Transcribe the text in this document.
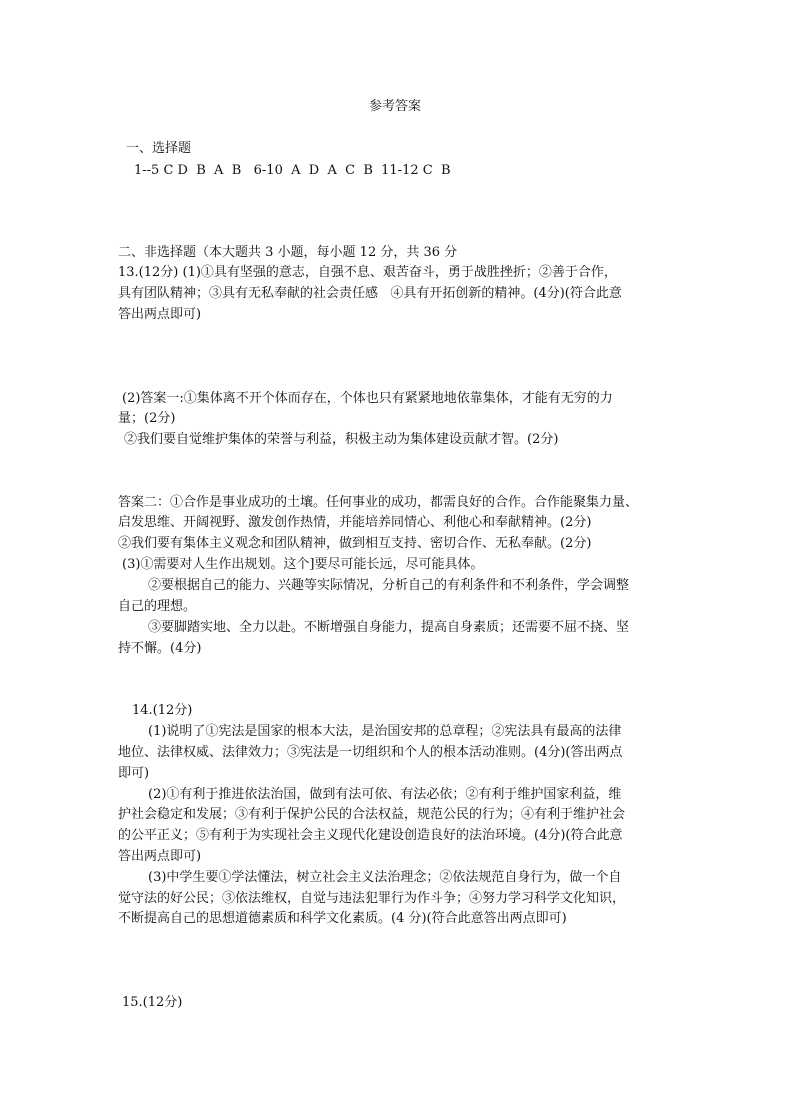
参考答案
一、选择题
1--5 C D  B  A  B   6-10  A  D  A  C  B  11-12 C  B
二、非选择题（本大题共 3 小题，每小题 12 分，共 36 分
13.(12分) (1)①具有坚强的意志，自强不息、艰苦奋斗，勇于战胜挫折；②善于合作，
具有团队精神；③具有无私奉献的社会责任感   ④具有开拓创新的精神。(4分)(符合此意
答出两点即可)
(2)答案一:①集体离不开个体而存在，个体也只有紧紧地地依靠集体，才能有无穷的力
量；(2分)
②我们要自觉维护集体的荣誉与利益，积极主动为集体建设贡献才智。(2分)
答案二：①合作是事业成功的土壤。任何事业的成功，都需良好的合作。合作能聚集力量、
启发思维、开阔视野、激发创作热情，并能培养同情心、利他心和奉献精神。(2分)
②我们要有集体主义观念和团队精神，做到相互支持、密切合作、无私奉献。(2分)
(3)①需要对人生作出规划。这个]要尽可能长远，尽可能具体。
②要根据自己的能力、兴趣等实际情况，分析自己的有利条件和不利条件，学会调整
自己的理想。
③要脚踏实地、全力以赴。不断增强自身能力，提高自身素质；还需要不屈不挠、坚
持不懈。(4分)
14.(12分)
(1)说明了①宪法是国家的根本大法，是治国安邦的总章程；②宪法具有最高的法律
地位、法律权威、法律效力；③宪法是一切组织和个人的根本活动准则。(4分)(答出两点
即可)
(2)①有利于推进依法治国，做到有法可依、有法必依；②有利于维护国家利益，维
护社会稳定和发展；③有利于保护公民的合法权益，规范公民的行为；④有利于维护社会
的公平正义；⑤有利于为实现社会主义现代化建设创造良好的法治环境。(4分)(符合此意
答出两点即可)
(3)中学生要①学法懂法，树立社会主义法治理念；②依法规范自身行为，做一个自
觉守法的好公民；③依法维权，自觉与违法犯罪行为作斗争；④努力学习科学文化知识，
不断提高自己的思想道德素质和科学文化素质。(4 分)(符合此意答出两点即可)
15.(12分)
